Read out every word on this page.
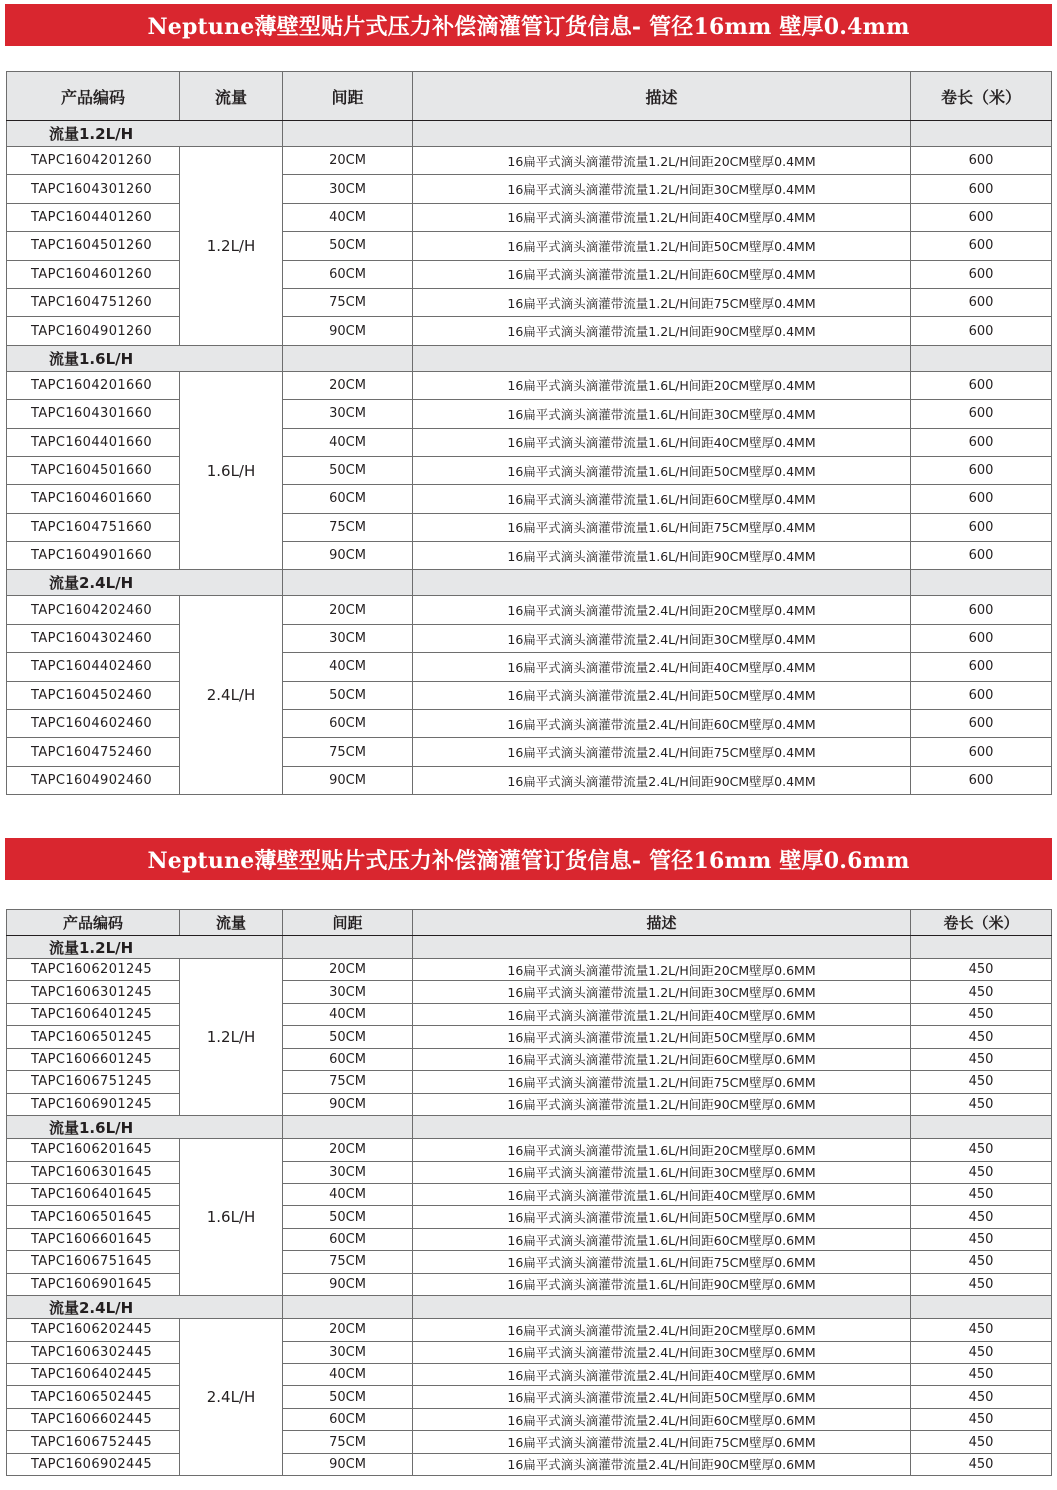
Neptune薄壁型贴片式压力补偿滴灌管订货信息- 管径16mm 壁厚0.4mm
产品编码	流量	间距	描述	卷长（米）
流量1.2L/H				
TAPC1604201260	1.2L/H	20CM	16扁平式滴头滴灌带流量1.2L/H间距20CM壁厚0.4MM	600
TAPC1604301260		30CM	16扁平式滴头滴灌带流量1.2L/H间距30CM壁厚0.4MM	600
TAPC1604401260		40CM	16扁平式滴头滴灌带流量1.2L/H间距40CM壁厚0.4MM	600
TAPC1604501260		50CM	16扁平式滴头滴灌带流量1.2L/H间距50CM壁厚0.4MM	600
TAPC1604601260		60CM	16扁平式滴头滴灌带流量1.2L/H间距60CM壁厚0.4MM	600
TAPC1604751260		75CM	16扁平式滴头滴灌带流量1.2L/H间距75CM壁厚0.4MM	600
TAPC1604901260		90CM	16扁平式滴头滴灌带流量1.2L/H间距90CM壁厚0.4MM	600
流量1.6L/H				
TAPC1604201660	1.6L/H	20CM	16扁平式滴头滴灌带流量1.6L/H间距20CM壁厚0.4MM	600
TAPC1604301660		30CM	16扁平式滴头滴灌带流量1.6L/H间距30CM壁厚0.4MM	600
TAPC1604401660		40CM	16扁平式滴头滴灌带流量1.6L/H间距40CM壁厚0.4MM	600
TAPC1604501660		50CM	16扁平式滴头滴灌带流量1.6L/H间距50CM壁厚0.4MM	600
TAPC1604601660		60CM	16扁平式滴头滴灌带流量1.6L/H间距60CM壁厚0.4MM	600
TAPC1604751660		75CM	16扁平式滴头滴灌带流量1.6L/H间距75CM壁厚0.4MM	600
TAPC1604901660		90CM	16扁平式滴头滴灌带流量1.6L/H间距90CM壁厚0.4MM	600
流量2.4L/H				
TAPC1604202460	2.4L/H	20CM	16扁平式滴头滴灌带流量2.4L/H间距20CM壁厚0.4MM	600
TAPC1604302460		30CM	16扁平式滴头滴灌带流量2.4L/H间距30CM壁厚0.4MM	600
TAPC1604402460		40CM	16扁平式滴头滴灌带流量2.4L/H间距40CM壁厚0.4MM	600
TAPC1604502460		50CM	16扁平式滴头滴灌带流量2.4L/H间距50CM壁厚0.4MM	600
TAPC1604602460		60CM	16扁平式滴头滴灌带流量2.4L/H间距60CM壁厚0.4MM	600
TAPC1604752460		75CM	16扁平式滴头滴灌带流量2.4L/H间距75CM壁厚0.4MM	600
TAPC1604902460		90CM	16扁平式滴头滴灌带流量2.4L/H间距90CM壁厚0.4MM	600
Neptune薄壁型贴片式压力补偿滴灌管订货信息- 管径16mm 壁厚0.6mm
产品编码	流量	间距	描述	卷长（米）
流量1.2L/H				
TAPC1606201245	1.2L/H	20CM	16扁平式滴头滴灌带流量1.2L/H间距20CM壁厚0.6MM	450
TAPC1606301245		30CM	16扁平式滴头滴灌带流量1.2L/H间距30CM壁厚0.6MM	450
TAPC1606401245		40CM	16扁平式滴头滴灌带流量1.2L/H间距40CM壁厚0.6MM	450
TAPC1606501245		50CM	16扁平式滴头滴灌带流量1.2L/H间距50CM壁厚0.6MM	450
TAPC1606601245		60CM	16扁平式滴头滴灌带流量1.2L/H间距60CM壁厚0.6MM	450
TAPC1606751245		75CM	16扁平式滴头滴灌带流量1.2L/H间距75CM壁厚0.6MM	450
TAPC1606901245		90CM	16扁平式滴头滴灌带流量1.2L/H间距90CM壁厚0.6MM	450
流量1.6L/H				
TAPC1606201645	1.6L/H	20CM	16扁平式滴头滴灌带流量1.6L/H间距20CM壁厚0.6MM	450
TAPC1606301645		30CM	16扁平式滴头滴灌带流量1.6L/H间距30CM壁厚0.6MM	450
TAPC1606401645		40CM	16扁平式滴头滴灌带流量1.6L/H间距40CM壁厚0.6MM	450
TAPC1606501645		50CM	16扁平式滴头滴灌带流量1.6L/H间距50CM壁厚0.6MM	450
TAPC1606601645		60CM	16扁平式滴头滴灌带流量1.6L/H间距60CM壁厚0.6MM	450
TAPC1606751645		75CM	16扁平式滴头滴灌带流量1.6L/H间距75CM壁厚0.6MM	450
TAPC1606901645		90CM	16扁平式滴头滴灌带流量1.6L/H间距90CM壁厚0.6MM	450
流量2.4L/H				
TAPC1606202445	2.4L/H	20CM	16扁平式滴头滴灌带流量2.4L/H间距20CM壁厚0.6MM	450
TAPC1606302445		30CM	16扁平式滴头滴灌带流量2.4L/H间距30CM壁厚0.6MM	450
TAPC1606402445		40CM	16扁平式滴头滴灌带流量2.4L/H间距40CM壁厚0.6MM	450
TAPC1606502445		50CM	16扁平式滴头滴灌带流量2.4L/H间距50CM壁厚0.6MM	450
TAPC1606602445		60CM	16扁平式滴头滴灌带流量2.4L/H间距60CM壁厚0.6MM	450
TAPC1606752445		75CM	16扁平式滴头滴灌带流量2.4L/H间距75CM壁厚0.6MM	450
TAPC1606902445		90CM	16扁平式滴头滴灌带流量2.4L/H间距90CM壁厚0.6MM	450
